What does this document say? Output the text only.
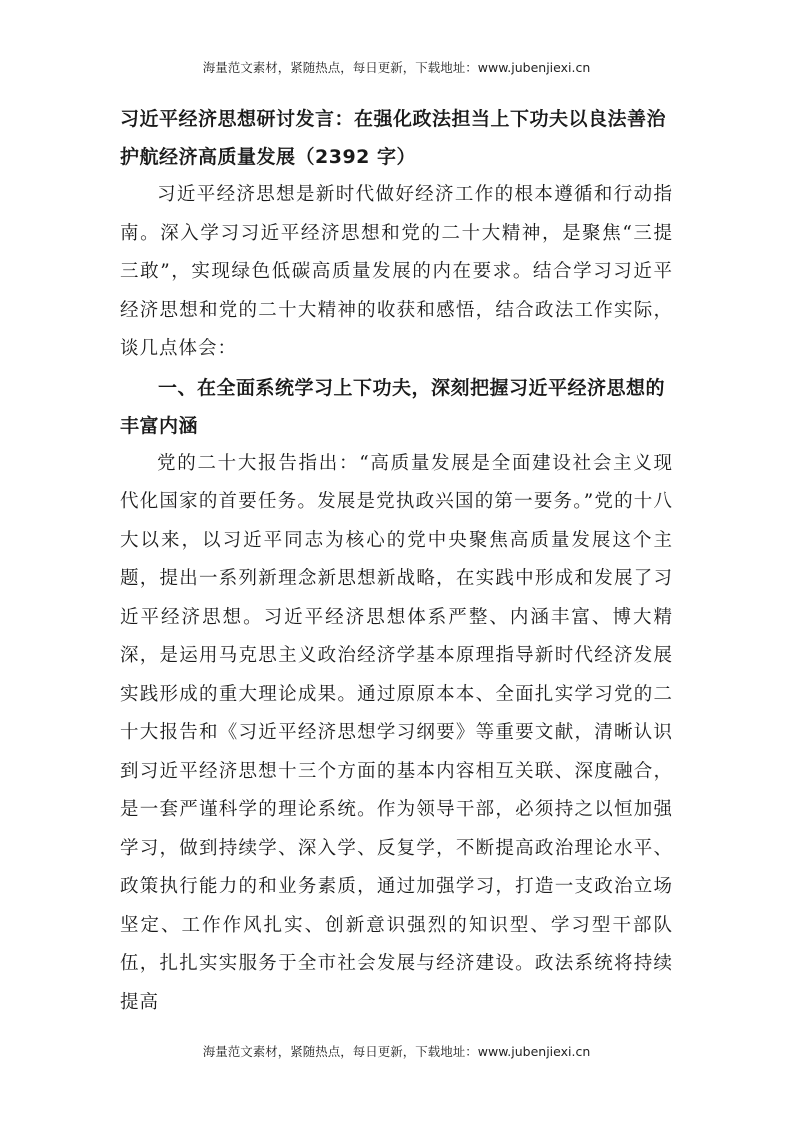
海量范文素材，紧随热点，每日更新，下载地址：www.jubenjiexi.cn
习近平经济思想研讨发言：在强化政法担当上下功夫以良法善治护航经济高质量发展（2392 字）

习近平经济思想是新时代做好经济工作的根本遵循和行动指南。深入学习习近平经济思想和党的二十大精神，是聚焦“三提三敢”，实现绿色低碳高质量发展的内在要求。结合学习习近平经济思想和党的二十大精神的收获和感悟，结合政法工作实际，谈几点体会：

一、在全面系统学习上下功夫，深刻把握习近平经济思想的丰富内涵

党的二十大报告指出：“高质量发展是全面建设社会主义现代化国家的首要任务。发展是党执政兴国的第一要务。”党的十八大以来，以习近平同志为核心的党中央聚焦高质量发展这个主题，提出一系列新理念新思想新战略，在实践中形成和发展了习近平经济思想。习近平经济思想体系严整、内涵丰富、博大精深，是运用马克思主义政治经济学基本原理指导新时代经济发展实践形成的重大理论成果。通过原原本本、全面扎实学习党的二十大报告和《习近平经济思想学习纲要》等重要文献，清晰认识到习近平经济思想十三个方面的基本内容相互关联、深度融合，是一套严谨科学的理论系统。作为领导干部，必须持之以恒加强学习，做到持续学、深入学、反复学，不断提高政治理论水平、政策执行能力的和业务素质，通过加强学习，打造一支政治立场坚定、工作作风扎实、创新意识强烈的知识型、学习型干部队伍，扎扎实实服务于全市社会发展与经济建设。政法系统将持续提高

海量范文素材，紧随热点，每日更新，下载地址：www.jubenjiexi.cn
